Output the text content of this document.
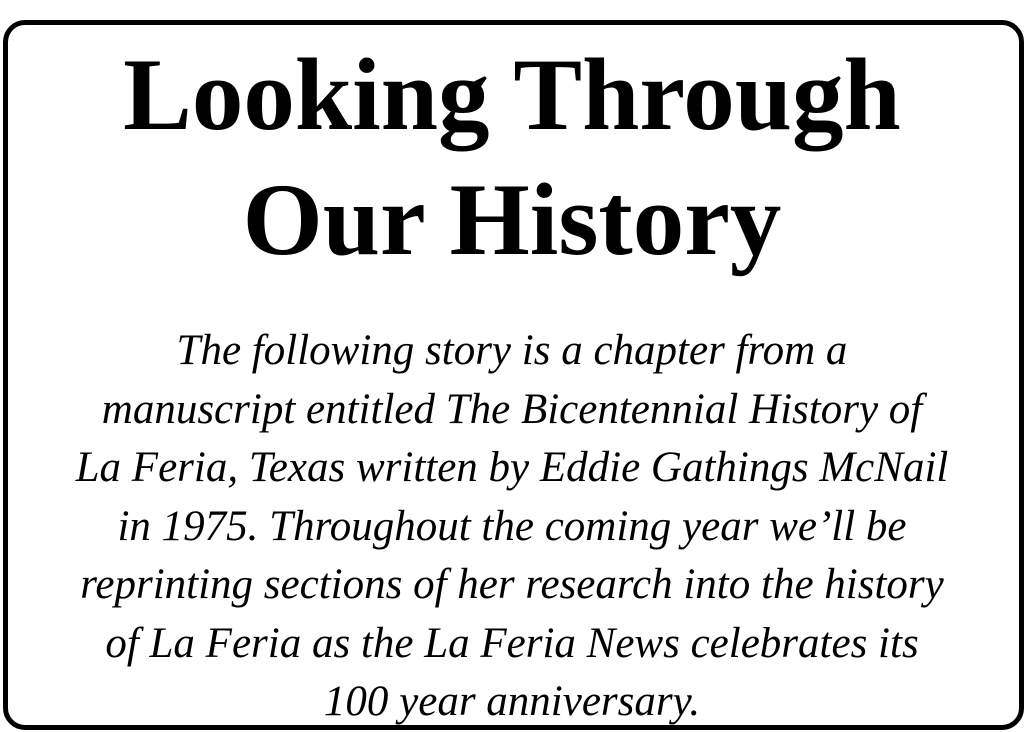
Looking Through
Our History

The following story is a chapter from a
manuscript entitled The Bicentennial History of
La Feria, Texas written by Eddie Gathings McNail
in 1975. Throughout the coming year we’ll be
reprinting sections of her research into the history
of La Feria as the La Feria News celebrates its
100 year anniversary.
